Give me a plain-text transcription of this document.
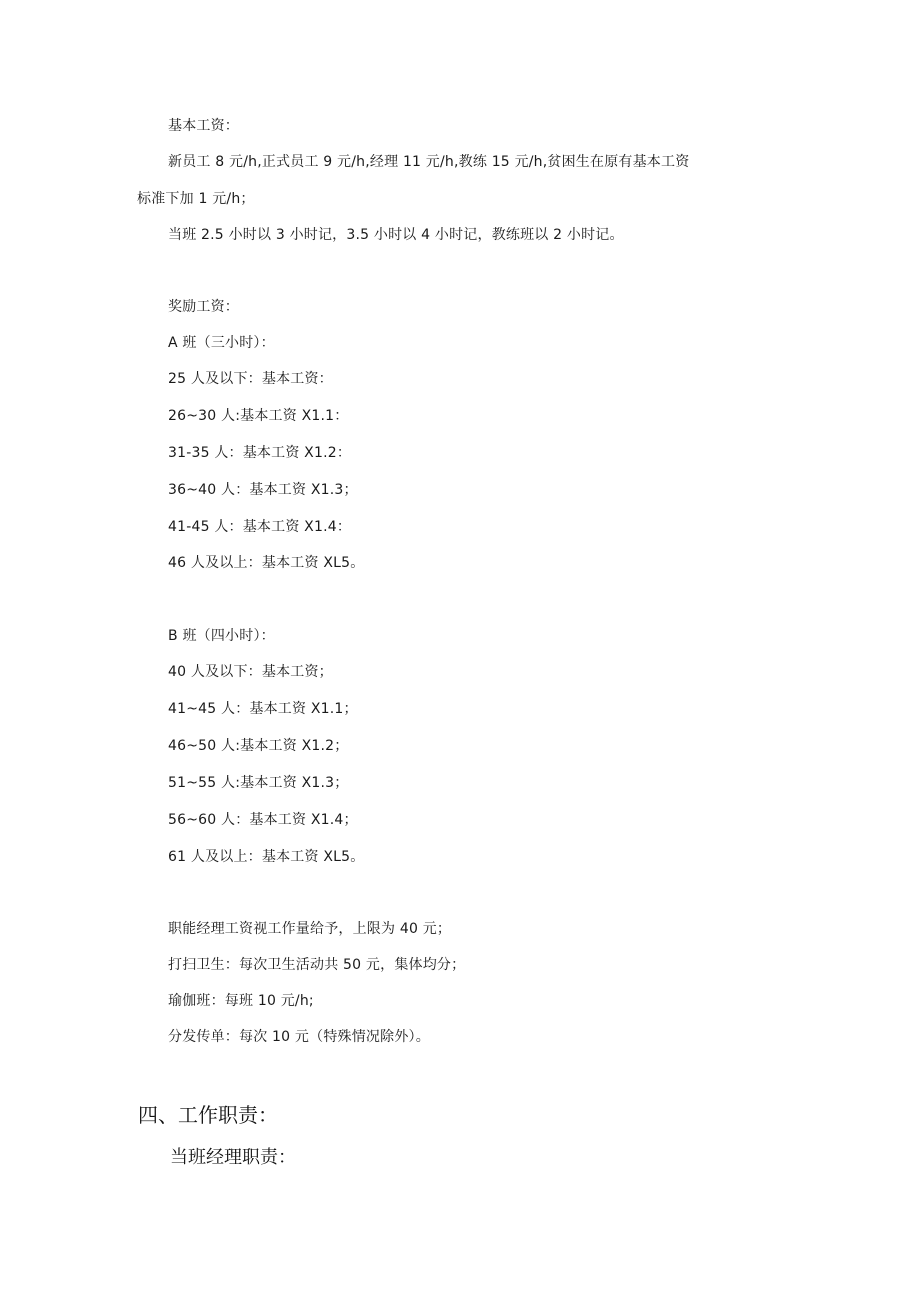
基本工资：
新员工 8 元/h,正式员工 9 元/h,经理 11 元/h,教练 15 元/h,贫困生在原有基本工资
标准下加 1 元/h；
当班 2.5 小时以 3 小时记，3.5 小时以 4 小时记，教练班以 2 小时记。
奖励工资：
A 班（三小时）：
25 人及以下：基本工资：
26~30 人:基本工资 X1.1：
31-35 人：基本工资 X1.2：
36~40 人：基本工资 X1.3；
41-45 人：基本工资 X1.4：
46 人及以上：基本工资 XL5。
B 班（四小时）：
40 人及以下：基本工资；
41~45 人：基本工资 X1.1；
46~50 人:基本工资 X1.2；
51~55 人:基本工资 X1.3；
56~60 人：基本工资 X1.4；
61 人及以上：基本工资 XL5。
职能经理工资视工作量给予，上限为 40 元；
打扫卫生：每次卫生活动共 50 元，集体均分；
瑜伽班：每班 10 元/h;
分发传单：每次 10 元（特殊情况除外）。
四、工作职责：
当班经理职责：
